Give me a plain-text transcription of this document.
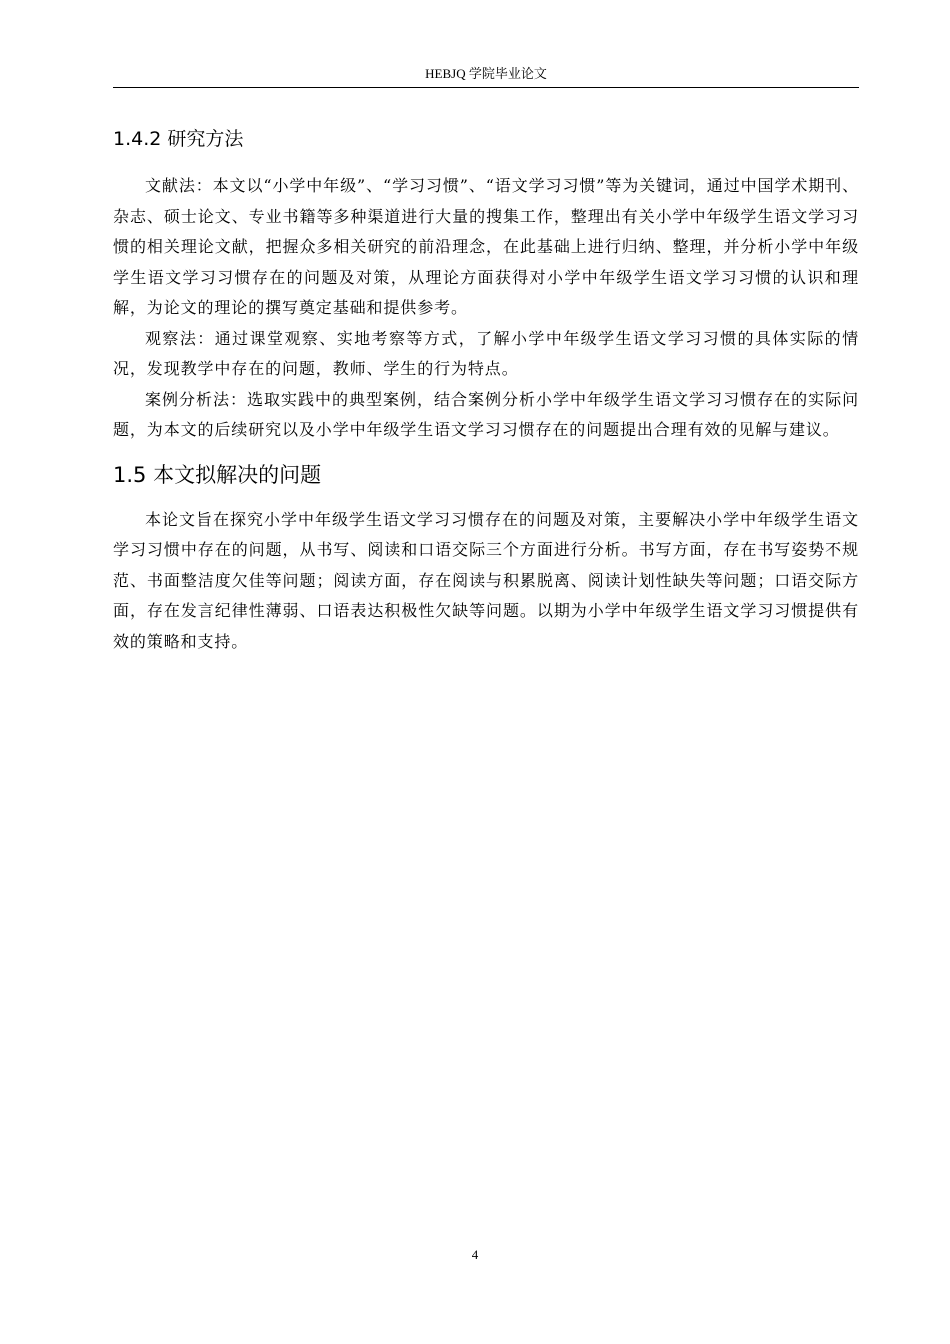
HEBJQ 学院毕业论文
1.4.2 研究方法

文献法：本文以“小学中年级”、“学习习惯”、“语文学习习惯”等为关键词，通过中国学术期刊、杂志、硕士论文、专业书籍等多种渠道进行大量的搜集工作，整理出有关小学中年级学生语文学习习惯的相关理论文献，把握众多相关研究的前沿理念，在此基础上进行归纳、整理，并分析小学中年级学生语文学习习惯存在的问题及对策，从理论方面获得对小学中年级学生语文学习习惯的认识和理解，为论文的理论的撰写奠定基础和提供参考。

观察法：通过课堂观察、实地考察等方式，了解小学中年级学生语文学习习惯的具体实际的情况，发现教学中存在的问题，教师、学生的行为特点。

案例分析法：选取实践中的典型案例，结合案例分析小学中年级学生语文学习习惯存在的实际问题，为本文的后续研究以及小学中年级学生语文学习习惯存在的问题提出合理有效的见解与建议。

1.5 本文拟解决的问题

本论文旨在探究小学中年级学生语文学习习惯存在的问题及对策，主要解决小学中年级学生语文学习习惯中存在的问题，从书写、阅读和口语交际三个方面进行分析。书写方面，存在书写姿势不规范、书面整洁度欠佳等问题；阅读方面，存在阅读与积累脱离、阅读计划性缺失等问题；口语交际方面，存在发言纪律性薄弱、口语表达积极性欠缺等问题。以期为小学中年级学生语文学习习惯提供有效的策略和支持。

4
